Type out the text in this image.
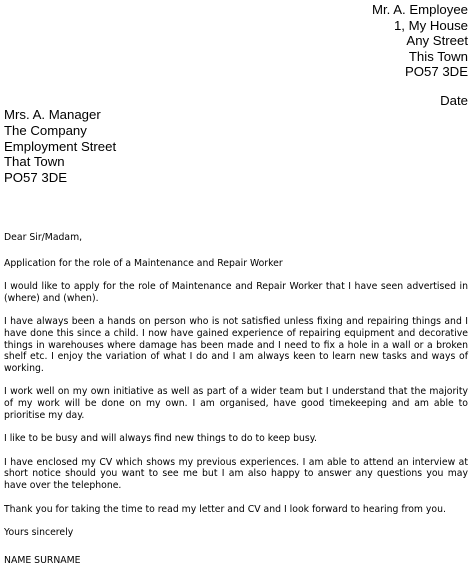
Mr. A. Employee
1, My House
Any Street
This Town
PO57 3DE
Date
Mrs. A. Manager
The Company
Employment Street
That Town
PO57 3DE

Dear Sir/Madam,

Application for the role of a Maintenance and Repair Worker

I would like to apply for the role of Maintenance and Repair Worker that I have seen advertised in (where) and (when).

I have always been a hands on person who is not satisfied unless fixing and repairing things and I have done this since a child. I now have gained experience of repairing equipment and decorative things in warehouses where damage has been made and I need to fix a hole in a wall or a broken shelf etc. I enjoy the variation of what I do and I am always keen to learn new tasks and ways of working.

I work well on my own initiative as well as part of a wider team but I understand that the majority of my work will be done on my own. I am organised, have good timekeeping and am able to prioritise my day.

I like to be busy and will always find new things to do to keep busy.

I have enclosed my CV which shows my previous experiences. I am able to attend an interview at short notice should you want to see me but I am also happy to answer any questions you may have over the telephone.

Thank you for taking the time to read my letter and CV and I look forward to hearing from you.

Yours sincerely

NAME SURNAME
